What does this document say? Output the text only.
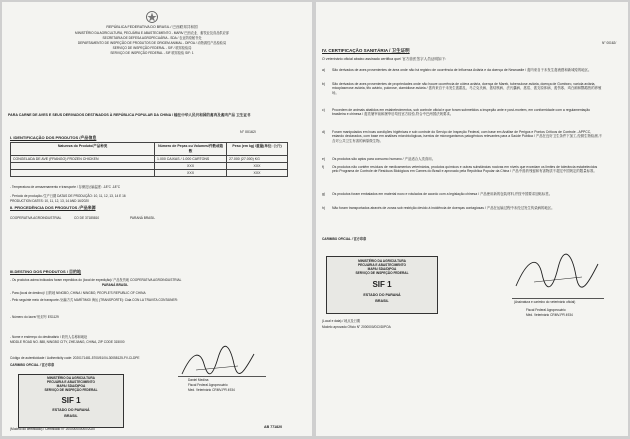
REPÚBLICA FEDERATIVA DO BRASIL / 巴西联邦共和国
MINISTÉRIO DA AGRICULTURA, PECUÁRIA E ABASTECIMENTO - MAPA/ 巴西农业、畜牧业及食品供应部
SECRETARIA DE DEFESA AGROPECUÁRIA - SDA / 农业防疫秘书处
DEPARTAMENTO DE INSPEÇÃO DE PRODUTOS DE ORIGEM ANIMAL - DIPOA / 动物源性产品检验局
SERVIÇO DE INSPEÇÃO FEDERAL - SIF / 联邦检验局
SERVIÇO DE INSPEÇÃO FEDERAL - SIF 联邦检验 SIF: 1
PARA CARNE DE AVES E SEUS DERIVADOS DESTINADOS À REPÚBLICA POPULAR DA CHINA / 输往中华人民共和国的禽肉及禽肉产品 卫生证书
N° 00162/
I. IDENTIFICAÇÃO DOS PRODUTOS /产品信息
Natureza do Produto/产品种类	Número de Peças ou Volumes/件数或箱数	Peso (em kg) /重量(单位: 公斤)
CONGELADA DE AVE (FRANGO) FROZEN CHICKEN	1.000 CAIXAS / 1.000 CARTONS	27.000 (27.000) KG
	XXX	XXX
	XXX	XXX
- Temperatura de armazenamento e transporte / 存储及运输温度: -18°C -18°C
- Período de produção /生产日期 DATAS DE PRODUÇÃO: 10, 11, 12, 13, 14 E 16
PRODUCTION DATES: 10, 11, 12, 13, 14 AND 16/2020
II. PROCEDÊNCIA DOS PRODUTOS /产品来源
COOPERATIVA AGROINDUSTRIAL	CO DE 37185810	PARANÁ BRASIL
III.DESTINO DOS PRODUTOS / 目的地
- Os produtos acima indicados foram expedidos do (local de expedição)/ 产品发货地 COOPERATIVA AGROINDUSTRIAL
PARANÁ BRASIL
- Para (local de destino)/ 目的地 NINGBO, CHINA / NINGBO, PEOPLE'S REPUBLIC OF CHINA
- Pelo seguinte meio de transporte /运输方式 MARÍTIMO/ 海运 (TRANSPORTE): Cida CON LA TRAVITA CONTAINER:
- Número do lacre/ 铅封号 ES1129
- Nome e endereço do destinatário / 收货人名称和地址
MIDDLE ROAD NO. 888, NINGBO CITY, ZHEJIANG, CHINA, ZIP CODE 315000
Código de autenticidade / Authenticity code: 2020171481-5700/51/04-30058125-FV-CLDPE
CARIMBO OFICIAL / 官方印章
MINISTÉRIO DA AGRICULTURA
PECUÁRIA E ABASTECIMENTO
MAPA/ SDA/DIPOA
SERVIÇO DE INSPEÇÃO FEDERAL
SIF 1
ESTADO DO PARANÁ
BRASIL
Daniel Medina
Fiscal Federal Agropecuário
Med. Veterinário CRMV-PR 4934
(Modelo do certificado) / Certificado N° 200000000000/2020	AB 771820
N° 00162/
IV. CERTIFICAÇÃO SANITÁRIA / 卫生证明
O veterinário oficial abaixo assinado certifica que/ 官方兽医签字人员证明如下:
a) São derivados de aves provenientes de área onde não há registro de ocorrência de Influenza Aviária e da doença de Newcastle / 禽肉来自于未发生禽流感和新城疫的地区。
b) São derivados de aves provenientes de propriedades onde não houve ocorrência de cólera aviária, doença de Marek, tuberculose aviária, doença de Gumboro, varíola aviária, micoplasmose aviária, tifo aviário, pulorose, clamidiose aviária / 禽肉来自于未发生禽霍乱、马立克氏病、禽结核病、法氏囊病、禽痘、禽支原体病、禽伤寒、鸡白痢和鹦鹉热的养殖场。
c)	Procedem de animais abatidos em estabelecimentos, sob controle oficial e que foram submetidos a inspeção ante e post-mortem, em conformidade com a regulamentação brasileira e chinesa / 禽类屠宰前和屠宰后均经官方检验,符合中巴两国法规要求。
d) Foram manipulados em boas condições higiênicas e sob controle do Serviço de Inspeção Federal, com base em Análise de Perigos e Pontos Críticos de Controle - APPCC, estando declarados, com base em análises microbiológicas, isentos de microrganismos patogênicos relevantes para a Saúde Pública / 产品在良好卫生条件下加工,经微生物检测,不含对公共卫生有害的病原微生物。
e) Os produtos são aptos para consumo humano / 产品适合人类食用。
f)	Os produtos não contêm resíduos de medicamentos veterinários, produtos químicos e outras substâncias nocivas em níveis que excedam os limites de tolerância estabelecidos pelo Programa de Controle de Resíduos Biológicos em Carnes do Brasil e aprovado pela República Popular da China / 产品中兽药残留和有害物质不超过中国规定的限量标准。
g) Os produtos foram embalados em material novo e rotulados de acordo com a legislação chinesa / 产品使用新的包装材料,并按中国要求加贴标签。
h) Não foram transportados através de zonas sob restrição devido à incidência de doenças contagiosas / 产品在运输过程中未经过发生传染病的地区。
CARIMBO OFICIAL / 官方印章
MINISTÉRIO DA AGRICULTURA
PECUÁRIA E ABASTECIMENTO
MAPA/ SDA/DIPOA
SERVIÇO DE INSPEÇÃO FEDERAL
SIF 1
ESTADO DO PARANÁ
BRASIL	(Assinatura e carimbo do veterinário oficial)
Fiscal Federal Agropecuário
Méd. Veterinário CRMV-PR 4934
(Local e data) / 地点及日期
Modelo aprovado Ofício N° 2000000/DCI/DIPOA
